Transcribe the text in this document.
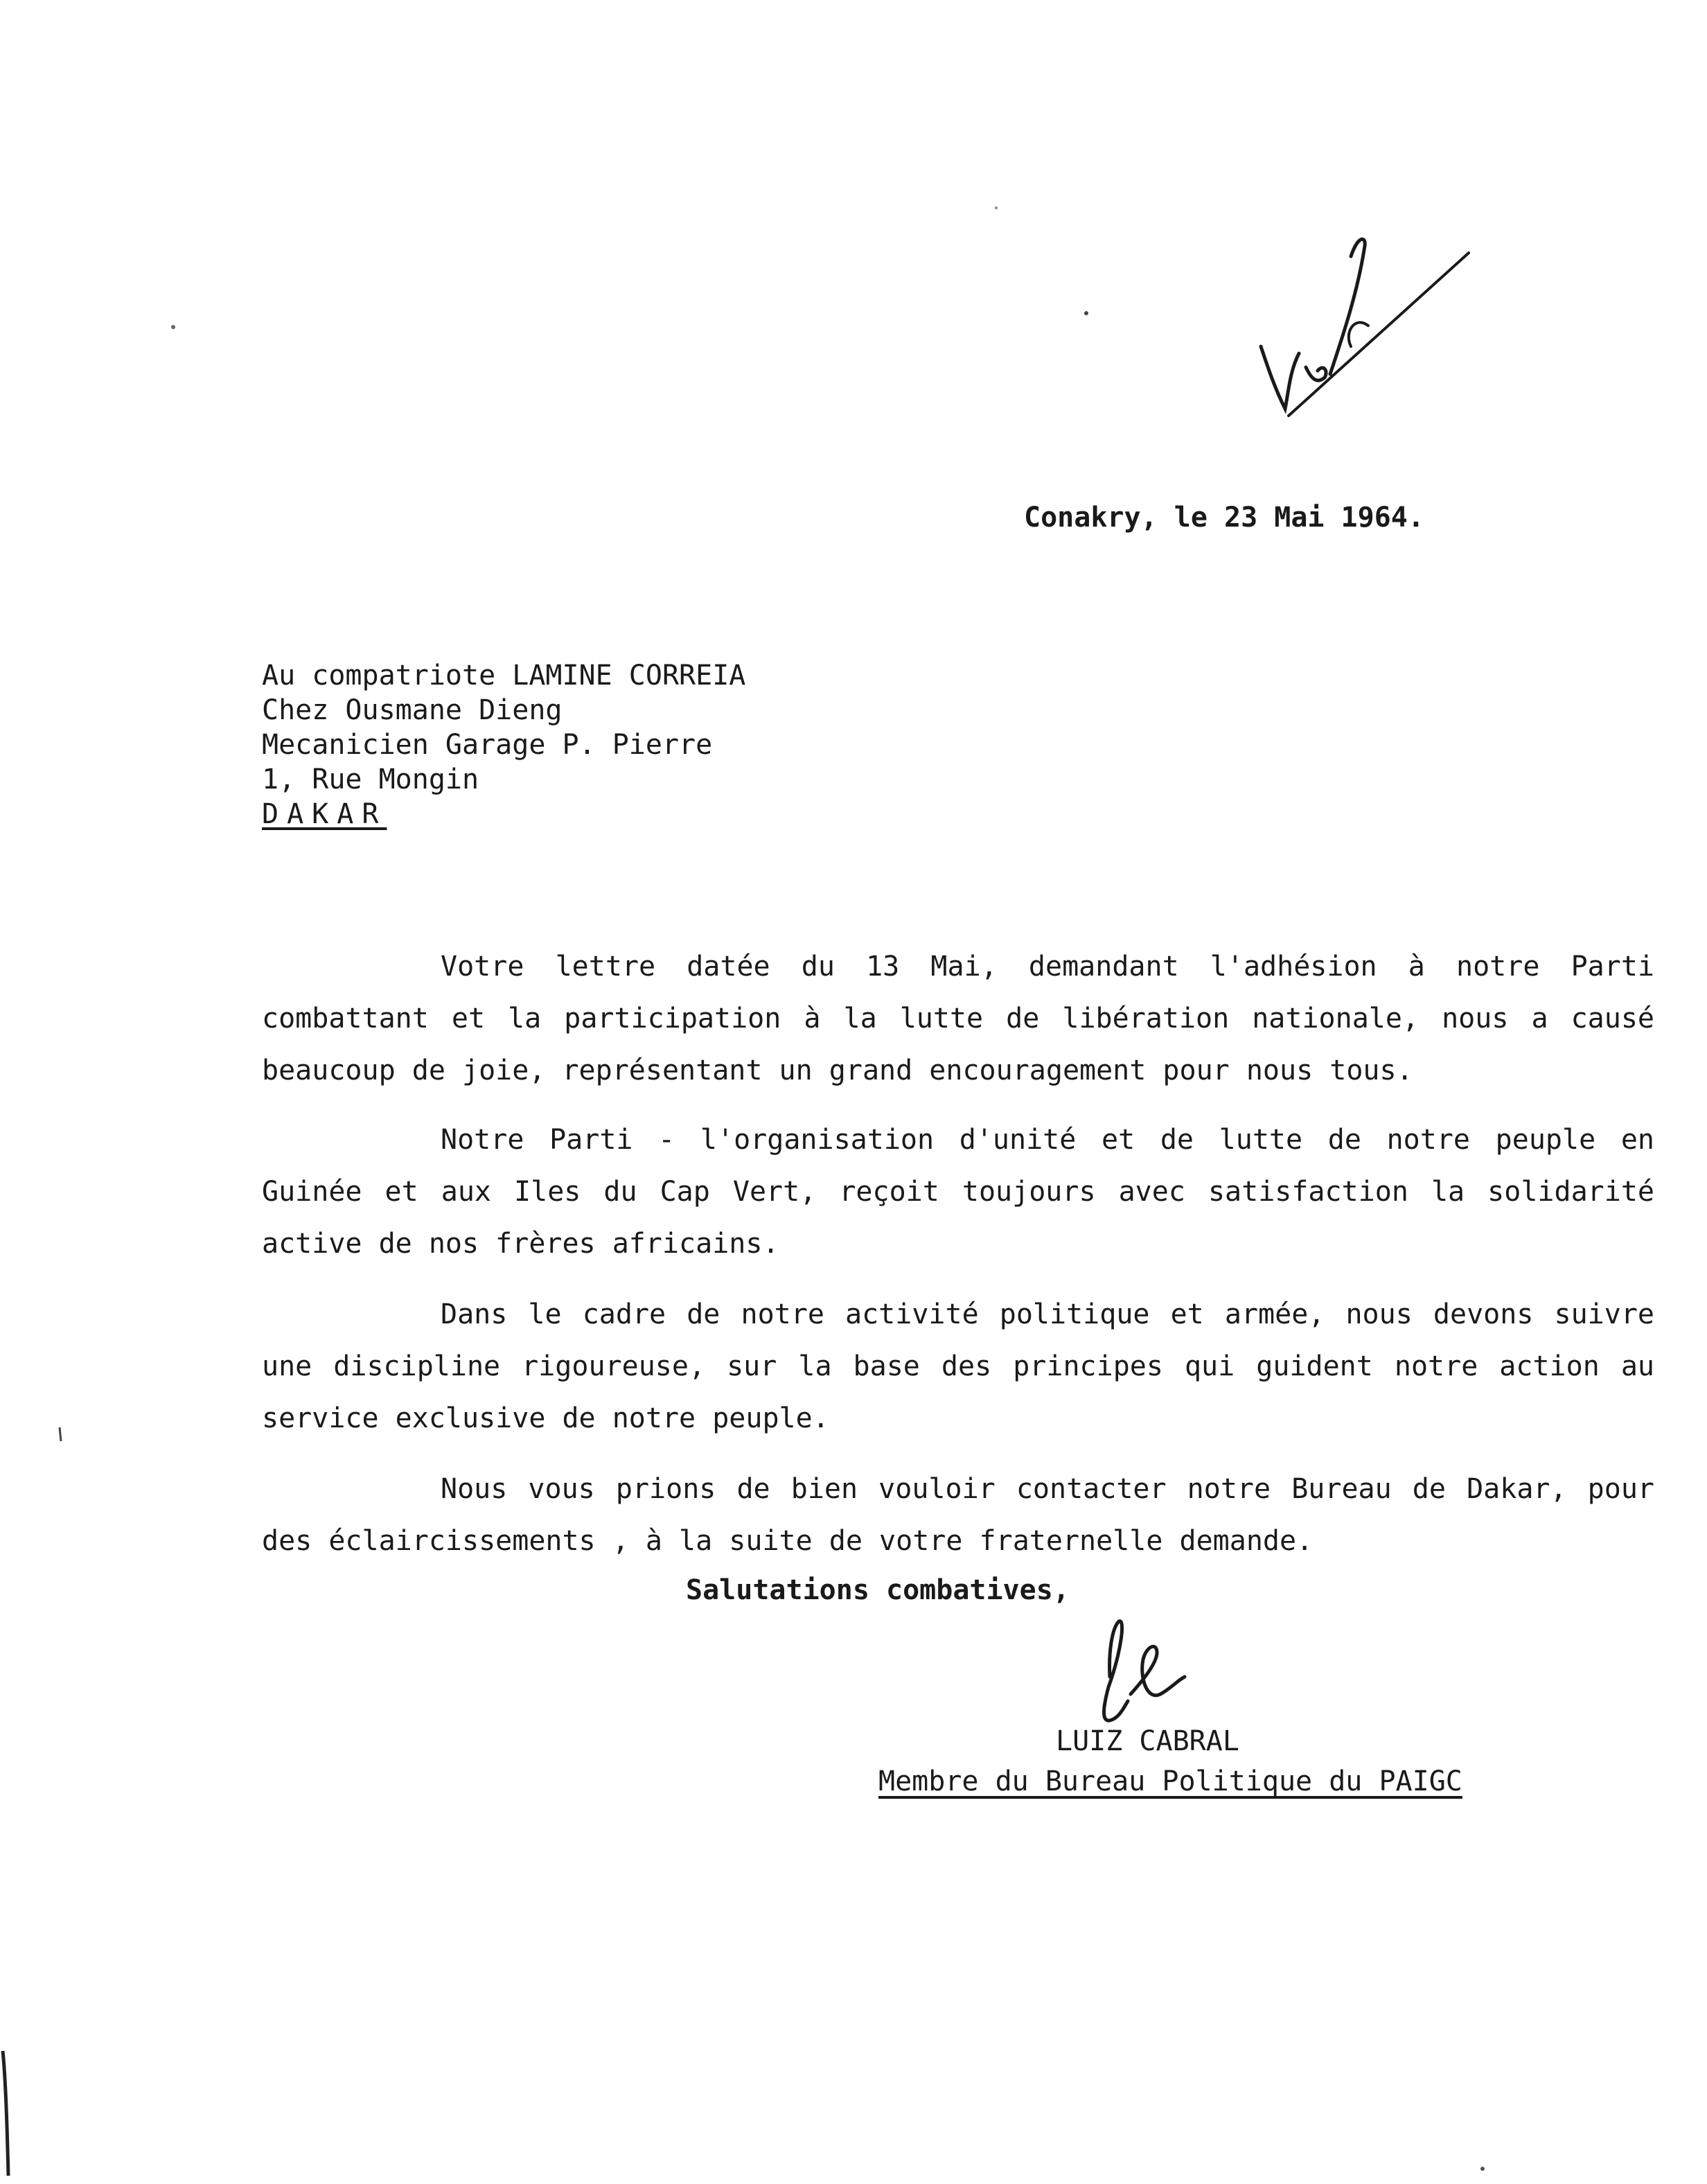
Conakry, le 23 Mai 1964.
Au compatriote LAMINE CORREIA
Chez Ousmane Dieng
Mecanicien Garage P. Pierre
1, Rue Mongin
DAKAR

Votre lettre datée du 13 Mai, demandant l'adhésion à notre Parti combattant et la participation à la lutte de libération nationale, nous a causé beaucoup de joie, représentant un grand encouragement pour nous tous.

Notre Parti - l'organisation d'unité et de lutte de notre peuple en Guinée et aux Iles du Cap Vert, reçoit toujours avec satisfaction la solidarité active de nos frères africains.

Dans le cadre de notre activité politique et armée, nous devons suivre une discipline rigoureuse, sur la base des principes qui guident notre action au service exclusive de notre peuple.

Nous vous prions de bien vouloir contacter notre Bureau de Dakar, pour des éclaircissements , à la suite de votre fraternelle demande.

Salutations combatives,
LUIZ CABRAL
Membre du Bureau Politique du PAIGC
